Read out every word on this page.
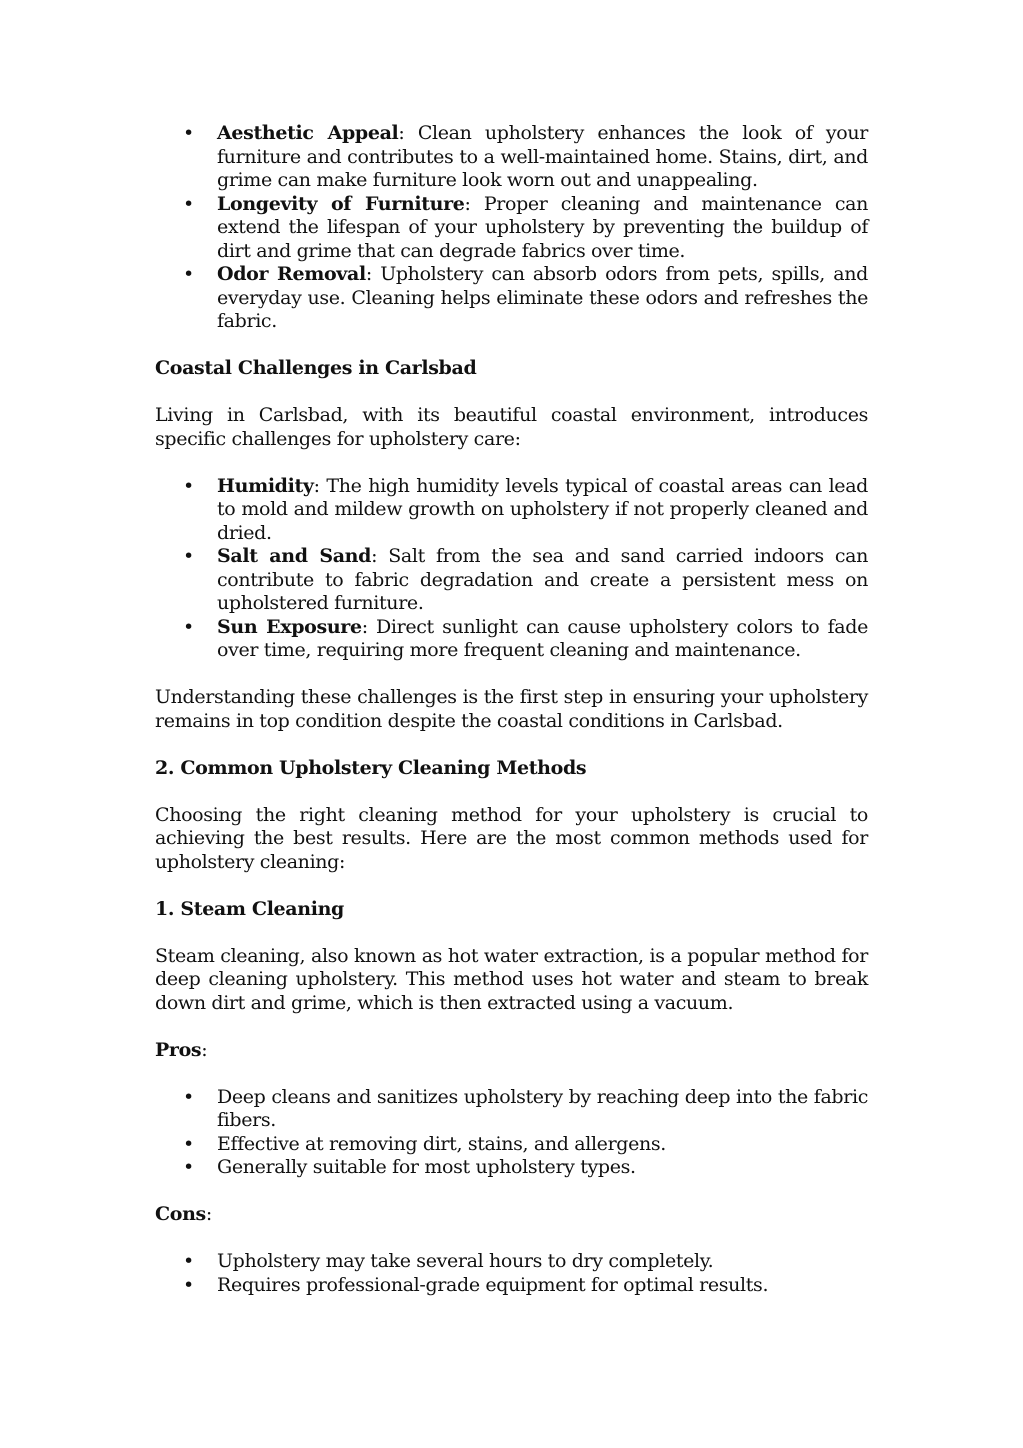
• Aesthetic Appeal: Clean upholstery enhances the look of your furniture and contributes to a well-maintained home. Stains, dirt, and grime can make furniture look worn out and unappealing.
• Longevity of Furniture: Proper cleaning and maintenance can extend the lifespan of your upholstery by preventing the buildup of dirt and grime that can degrade fabrics over time.
• Odor Removal: Upholstery can absorb odors from pets, spills, and everyday use. Cleaning helps eliminate these odors and refreshes the fabric.
Coastal Challenges in Carlsbad

Living in Carlsbad, with its beautiful coastal environment, introduces specific challenges for upholstery care:

• Humidity: The high humidity levels typical of coastal areas can lead to mold and mildew growth on upholstery if not properly cleaned and dried.
• Salt and Sand: Salt from the sea and sand carried indoors can contribute to fabric degradation and create a persistent mess on upholstered furniture.
• Sun Exposure: Direct sunlight can cause upholstery colors to fade over time, requiring more frequent cleaning and maintenance.

Understanding these challenges is the first step in ensuring your upholstery remains in top condition despite the coastal conditions in Carlsbad.

2. Common Upholstery Cleaning Methods

Choosing the right cleaning method for your upholstery is crucial to achieving the best results. Here are the most common methods used for upholstery cleaning:

1. Steam Cleaning

Steam cleaning, also known as hot water extraction, is a popular method for deep cleaning upholstery. This method uses hot water and steam to break down dirt and grime, which is then extracted using a vacuum.

Pros:

• Deep cleans and sanitizes upholstery by reaching deep into the fabric fibers.
• Effective at removing dirt, stains, and allergens.
• Generally suitable for most upholstery types.

Cons:

• Upholstery may take several hours to dry completely.
• Requires professional-grade equipment for optimal results.
